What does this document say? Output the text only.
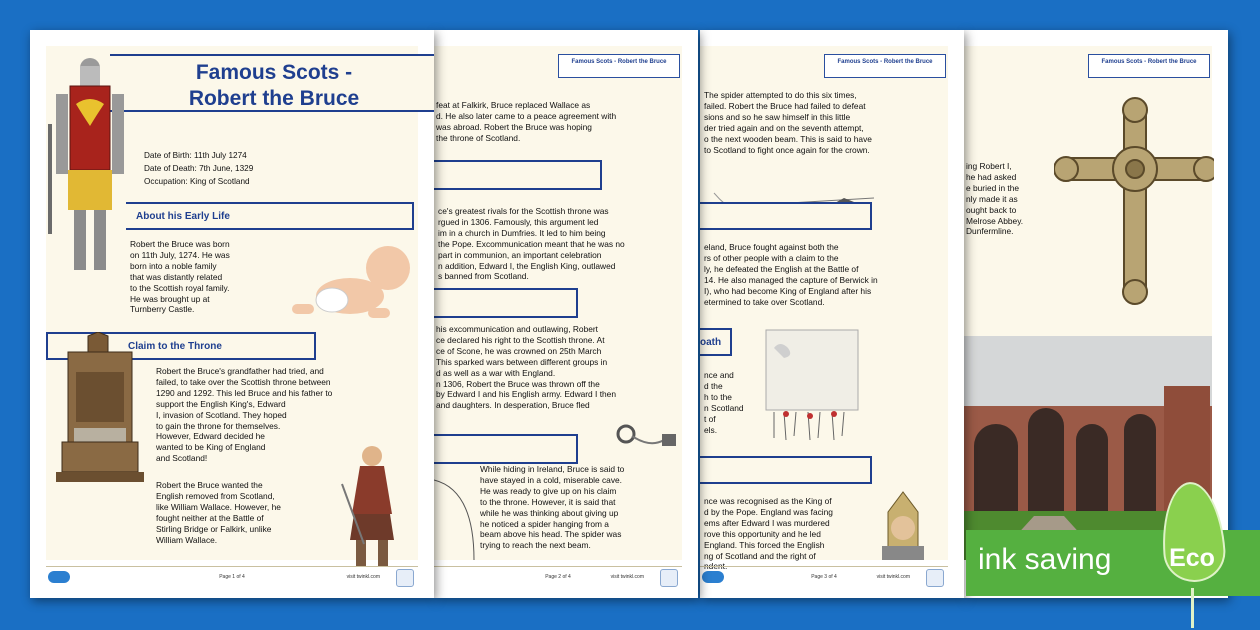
Famous Scots - Robert the Bruce
ing Robert I,
he had asked
e buried in the
nly made it as
ought back to
Melrose Abbey.
Dunfermline.
Famous Scots - Robert the Bruce
The spider attempted to do this six times,
failed. Robert the Bruce had failed to defeat
sions and so he saw himself in this little
der tried again and on the seventh attempt,
o the next wooden beam. This is said to have
to Scotland to fight once again for the crown.
eland, Bruce fought against both the
rs of other people with a claim to the
ly, he defeated the English at the Battle of
14. He also managed the capture of Berwick in
I), who had become King of England after his
etermined to take over Scotland.
oath
nce and
d the
h to the
n Scotland
t of
els.
nce was recognised as the King of
d by the Pope. England was facing
ems after Edward I was murdered
rove this opportunity and he led
England. This forced the English
ng of Scotland and the right of
ndent.
Page 3 of 4	visit twinkl.com
Famous Scots - Robert the Bruce
feat at Falkirk, Bruce replaced Wallace as
d. He also later came to a peace agreement with
was abroad. Robert the Bruce was hoping
the throne of Scotland.
ce's greatest rivals for the Scottish throne was
rgued in 1306. Famously, this argument led
im in a church in Dumfries. It led to him being
the Pope. Excommunication meant that he was no
part in communion, an important celebration
n addition, Edward I, the English King, outlawed
s banned from Scotland.
his excommunication and outlawing, Robert
ce declared his right to the Scottish throne. At
ce of Scone, he was crowned on 25th March
This sparked wars between different groups in
d as well as a war with England.
n 1306, Robert the Bruce was thrown off the
by Edward I and his English army. Edward I then
and daughters. In desperation, Bruce fled
While hiding in Ireland, Bruce is said to
have stayed in a cold, miserable cave.
He was ready to give up on his claim
to the throne. However, it is said that
while he was thinking about giving up
he noticed a spider hanging from a
beam above his head. The spider was
trying to reach the next beam.
Page 2 of 4	visit twinkl.com
Famous Scots -
Robert the Bruce
Date of Birth: 11th July 1274
Date of Death: 7th June, 1329
Occupation: King of Scotland
About his Early Life
Robert the Bruce was born
on 11th July, 1274. He was
born into a noble family
that was distantly related
to the Scottish royal family.
He was brought up at
Turnberry Castle.
Claim to the Throne
Robert the Bruce's grandfather had tried, and
failed, to take over the Scottish throne between
1290 and 1292. This led Bruce and his father to
support the English King's, Edward
I, invasion of Scotland. They hoped
to gain the throne for themselves.
However, Edward decided he
wanted to be King of England
and Scotland!
Robert the Bruce wanted the
English removed from Scotland,
like William Wallace. However, he
fought neither at the Battle of
Stirling Bridge or Falkirk, unlike
William Wallace.
Page 1 of 4	visit twinkl.com
ink saving	Eco
